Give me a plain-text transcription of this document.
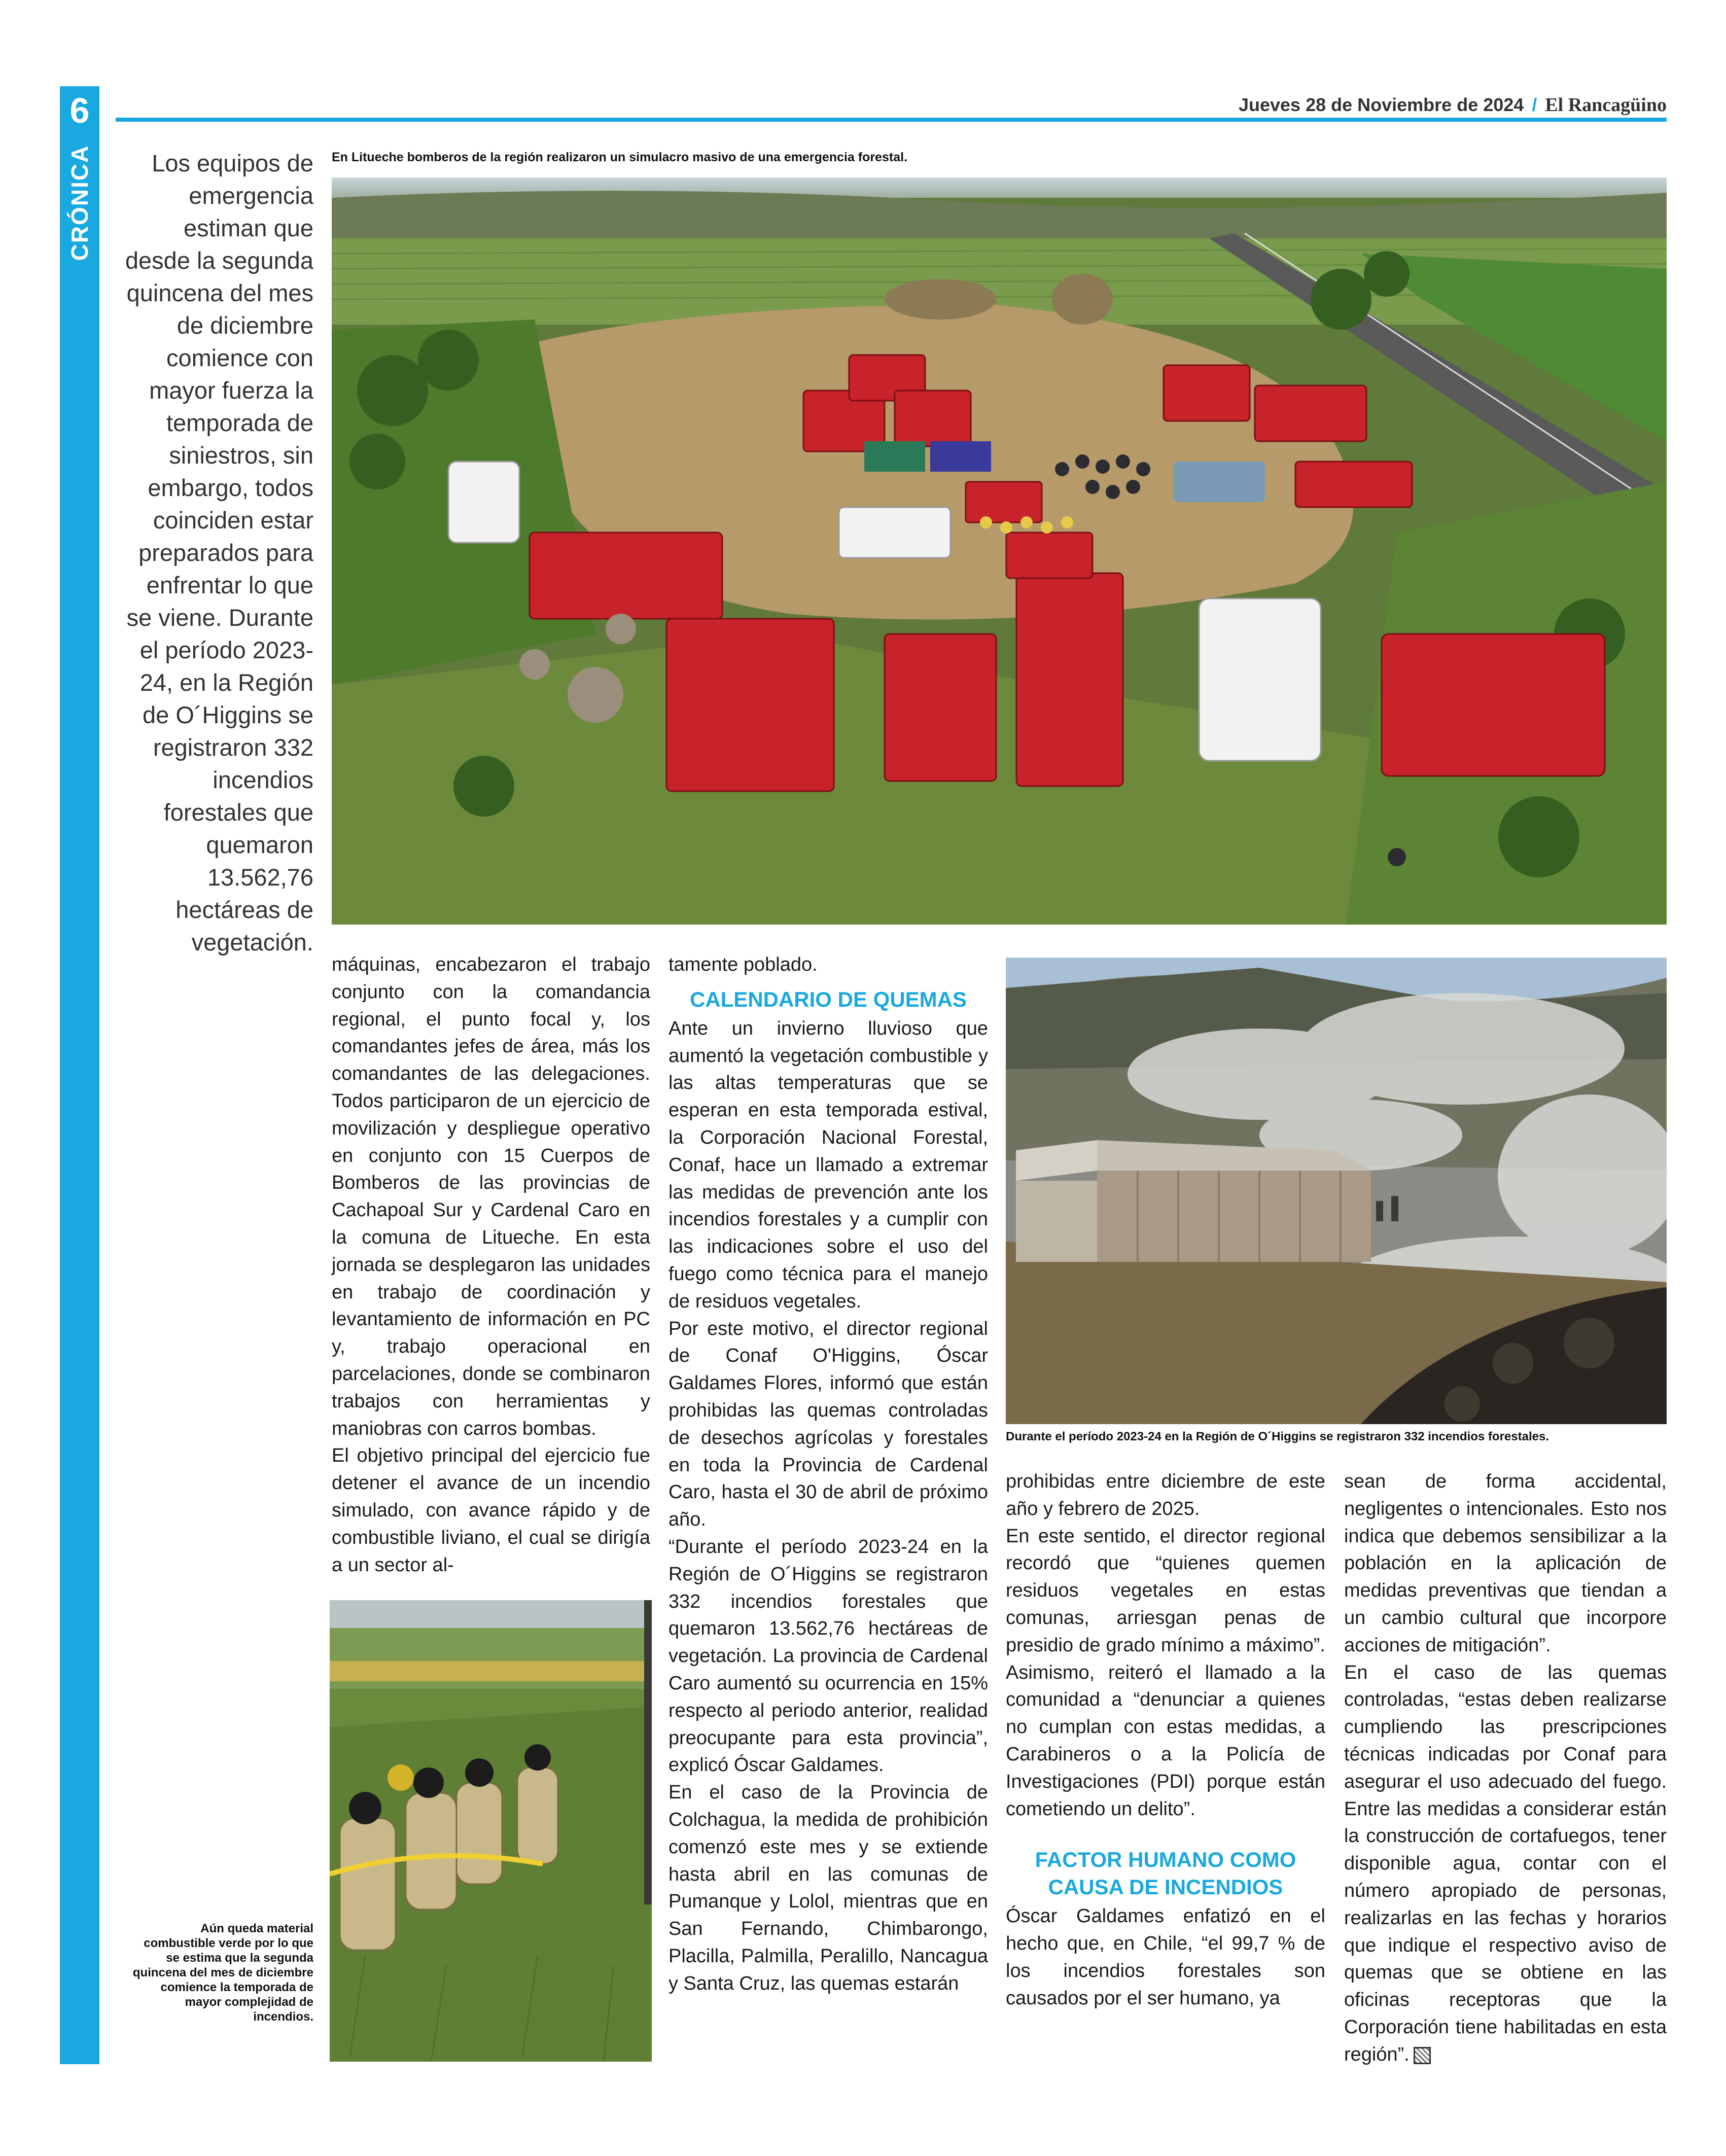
6
CRÓNICA
Jueves 28 de Noviembre de 2024 / El Rancagüino
Los equipos de emergencia estiman que desde la segunda quincena del mes de diciembre comience con mayor fuerza la temporada de siniestros, sin embargo, todos coinciden estar preparados para enfrentar lo que se viene. Durante el período 2023-24, en la Región de O´Higgins se registraron 332 incendios forestales que quemaron 13.562,76 hectáreas de vegetación.
En Litueche bomberos de la región realizaron un simulacro masivo de una emergencia forestal.
Durante el período 2023-24 en la Región de O´Higgins se registraron 332 incendios forestales.
Aún queda material combustible verde por lo que se estima que la segunda quincena del mes de diciembre comience la temporada de mayor complejidad de incendios.

máquinas, encabezaron el trabajo conjunto con la comandancia regional, el punto focal y, los comandantes jefes de área, más los comandantes de las delegaciones. Todos participaron de un ejercicio de movilización y despliegue operativo en conjunto con 15 Cuerpos de Bomberos de las provincias de Cachapoal Sur y Cardenal Caro en la comuna de Litueche. En esta jornada se desplegaron las unidades en trabajo de coordinación y levantamiento de información en PC y, trabajo operacional en parcelaciones, donde se combinaron trabajos con herramientas y maniobras con carros bombas.

El objetivo principal del ejercicio fue detener el avance de un incendio simulado, con avance rápido y de combustible liviano, el cual se dirigía a un sector al-

tamente poblado.

CALENDARIO DE QUEMAS

Ante un invierno lluvioso que aumentó la vegetación combustible y las altas temperaturas que se esperan en esta temporada estival, la Corporación Nacional Forestal, Conaf, hace un llamado a extremar las medidas de prevención ante los incendios forestales y a cumplir con las indicaciones sobre el uso del fuego como técnica para el manejo de residuos vegetales.

Por este motivo, el director regional de Conaf O'Higgins, Óscar Galdames Flores, informó que están prohibidas las quemas controladas de desechos agrícolas y forestales en toda la Provincia de Cardenal Caro, hasta el 30 de abril de próximo año.

“Durante el período 2023-24 en la Región de O´Higgins se registraron 332 incendios forestales que quemaron 13.562,76 hectáreas de vegetación. La provincia de Cardenal Caro aumentó su ocurrencia en 15% respecto al periodo anterior, realidad preocupante para esta provincia”, explicó Óscar Galdames.

En el caso de la Provincia de Colchagua, la medida de prohibición comenzó este mes y se extiende hasta abril en las comunas de Pumanque y Lolol, mientras que en San Fernando, Chimbarongo, Placilla, Palmilla, Peralillo, Nancagua y Santa Cruz, las quemas estarán

prohibidas entre diciembre de este año y febrero de 2025.

En este sentido, el director regional recordó que “quienes quemen residuos vegetales en estas comunas, arriesgan penas de presidio de grado mínimo a máximo”. Asimismo, reiteró el llamado a la comunidad a “denunciar a quienes no cumplan con estas medidas, a Carabineros o a la Policía de Investigaciones (PDI) porque están cometiendo un delito”.

FACTOR HUMANO COMO CAUSA DE INCENDIOS

Óscar Galdames enfatizó en el hecho que, en Chile, “el 99,7 % de los incendios forestales son causados por el ser humano, ya

sean de forma accidental, negligentes o intencionales. Esto nos indica que debemos sensibilizar a la población en la aplicación de medidas preventivas que tiendan a un cambio cultural que incorpore acciones de mitigación”.

En el caso de las quemas controladas, “estas deben realizarse cumpliendo las prescripciones técnicas indicadas por Conaf para asegurar el uso adecuado del fuego. Entre las medidas a considerar están la construcción de cortafuegos, tener disponible agua, contar con el número apropiado de personas, realizarlas en las fechas y horarios que indique el respectivo aviso de quemas que se obtiene en las oficinas receptoras que la Corporación tiene habilitadas en esta región”.
